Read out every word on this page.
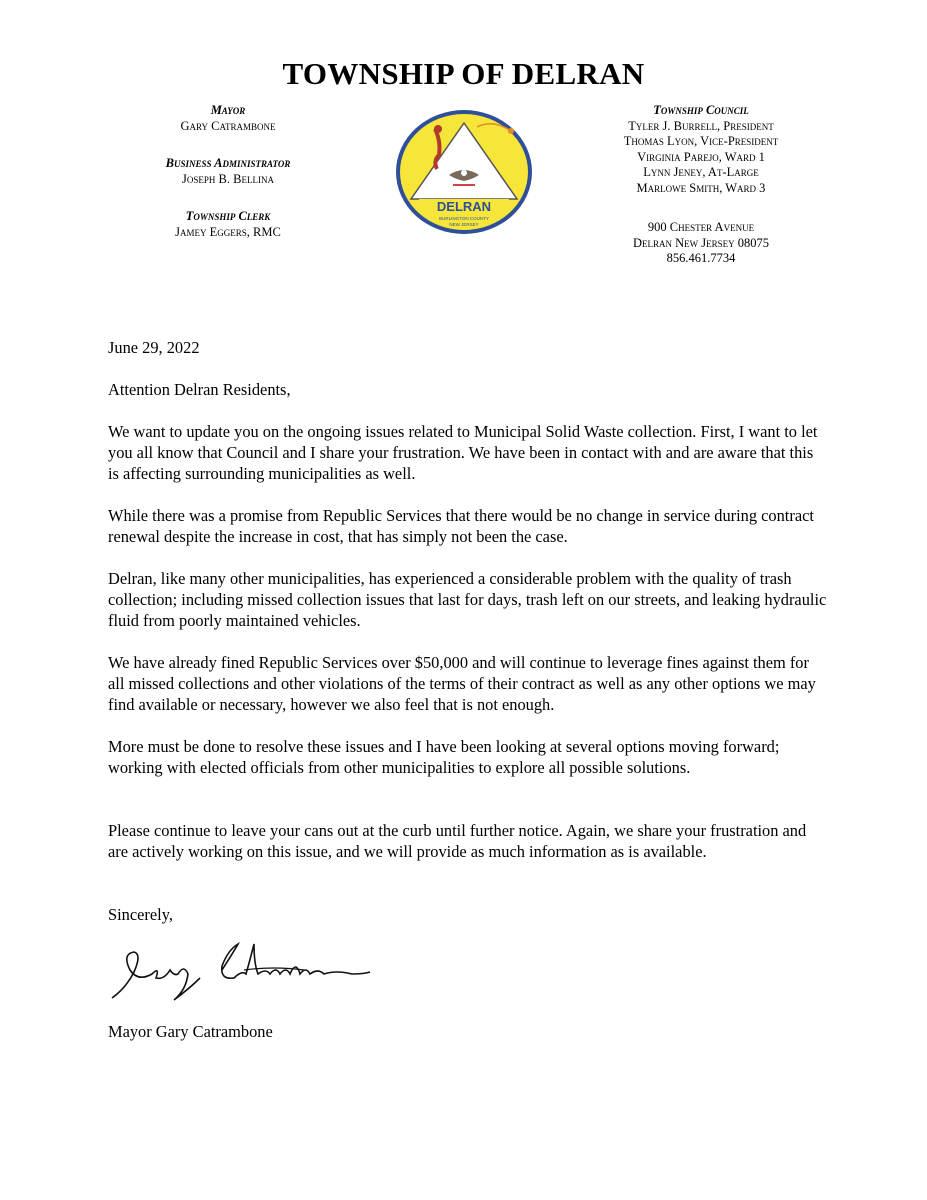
TOWNSHIP OF DELRAN
Mayor
Gary Catrambone
Business Administrator
Joseph B. Bellina
Township Clerk
Jamey Eggers, RMC
DELRAN
BURLINGTON COUNTY
NEW JERSEY
Township Council
Tyler J. Burrell, President
Thomas Lyon, Vice-President
Virginia Parejo, Ward 1
Lynn Jeney, At-Large
Marlowe Smith, Ward 3
900 Chester Avenue
Delran New Jersey 08075
856.461.7734
June 29, 2022
Attention Delran Residents,
We want to update you on the ongoing issues related to Municipal Solid Waste collection. First, I want to let you all know that Council and I share your frustration. We have been in contact with and are aware that this is affecting surrounding municipalities as well.
While there was a promise from Republic Services that there would be no change in service during contract renewal despite the increase in cost, that has simply not been the case.
Delran, like many other municipalities, has experienced a considerable problem with the quality of trash collection; including missed collection issues that last for days, trash left on our streets, and leaking hydraulic fluid from poorly maintained vehicles.
We have already fined Republic Services over $50,000 and will continue to leverage fines against them for all missed collections and other violations of the terms of their contract as well as any other options we may find available or necessary, however we also feel that is not enough.
More must be done to resolve these issues and I have been looking at several options moving forward; working with elected officials from other municipalities to explore all possible solutions.
Please continue to leave your cans out at the curb until further notice. Again, we share your frustration and are actively working on this issue, and we will provide as much information as is available.
Sincerely,
Gary Catrambone
Mayor Gary Catrambone
